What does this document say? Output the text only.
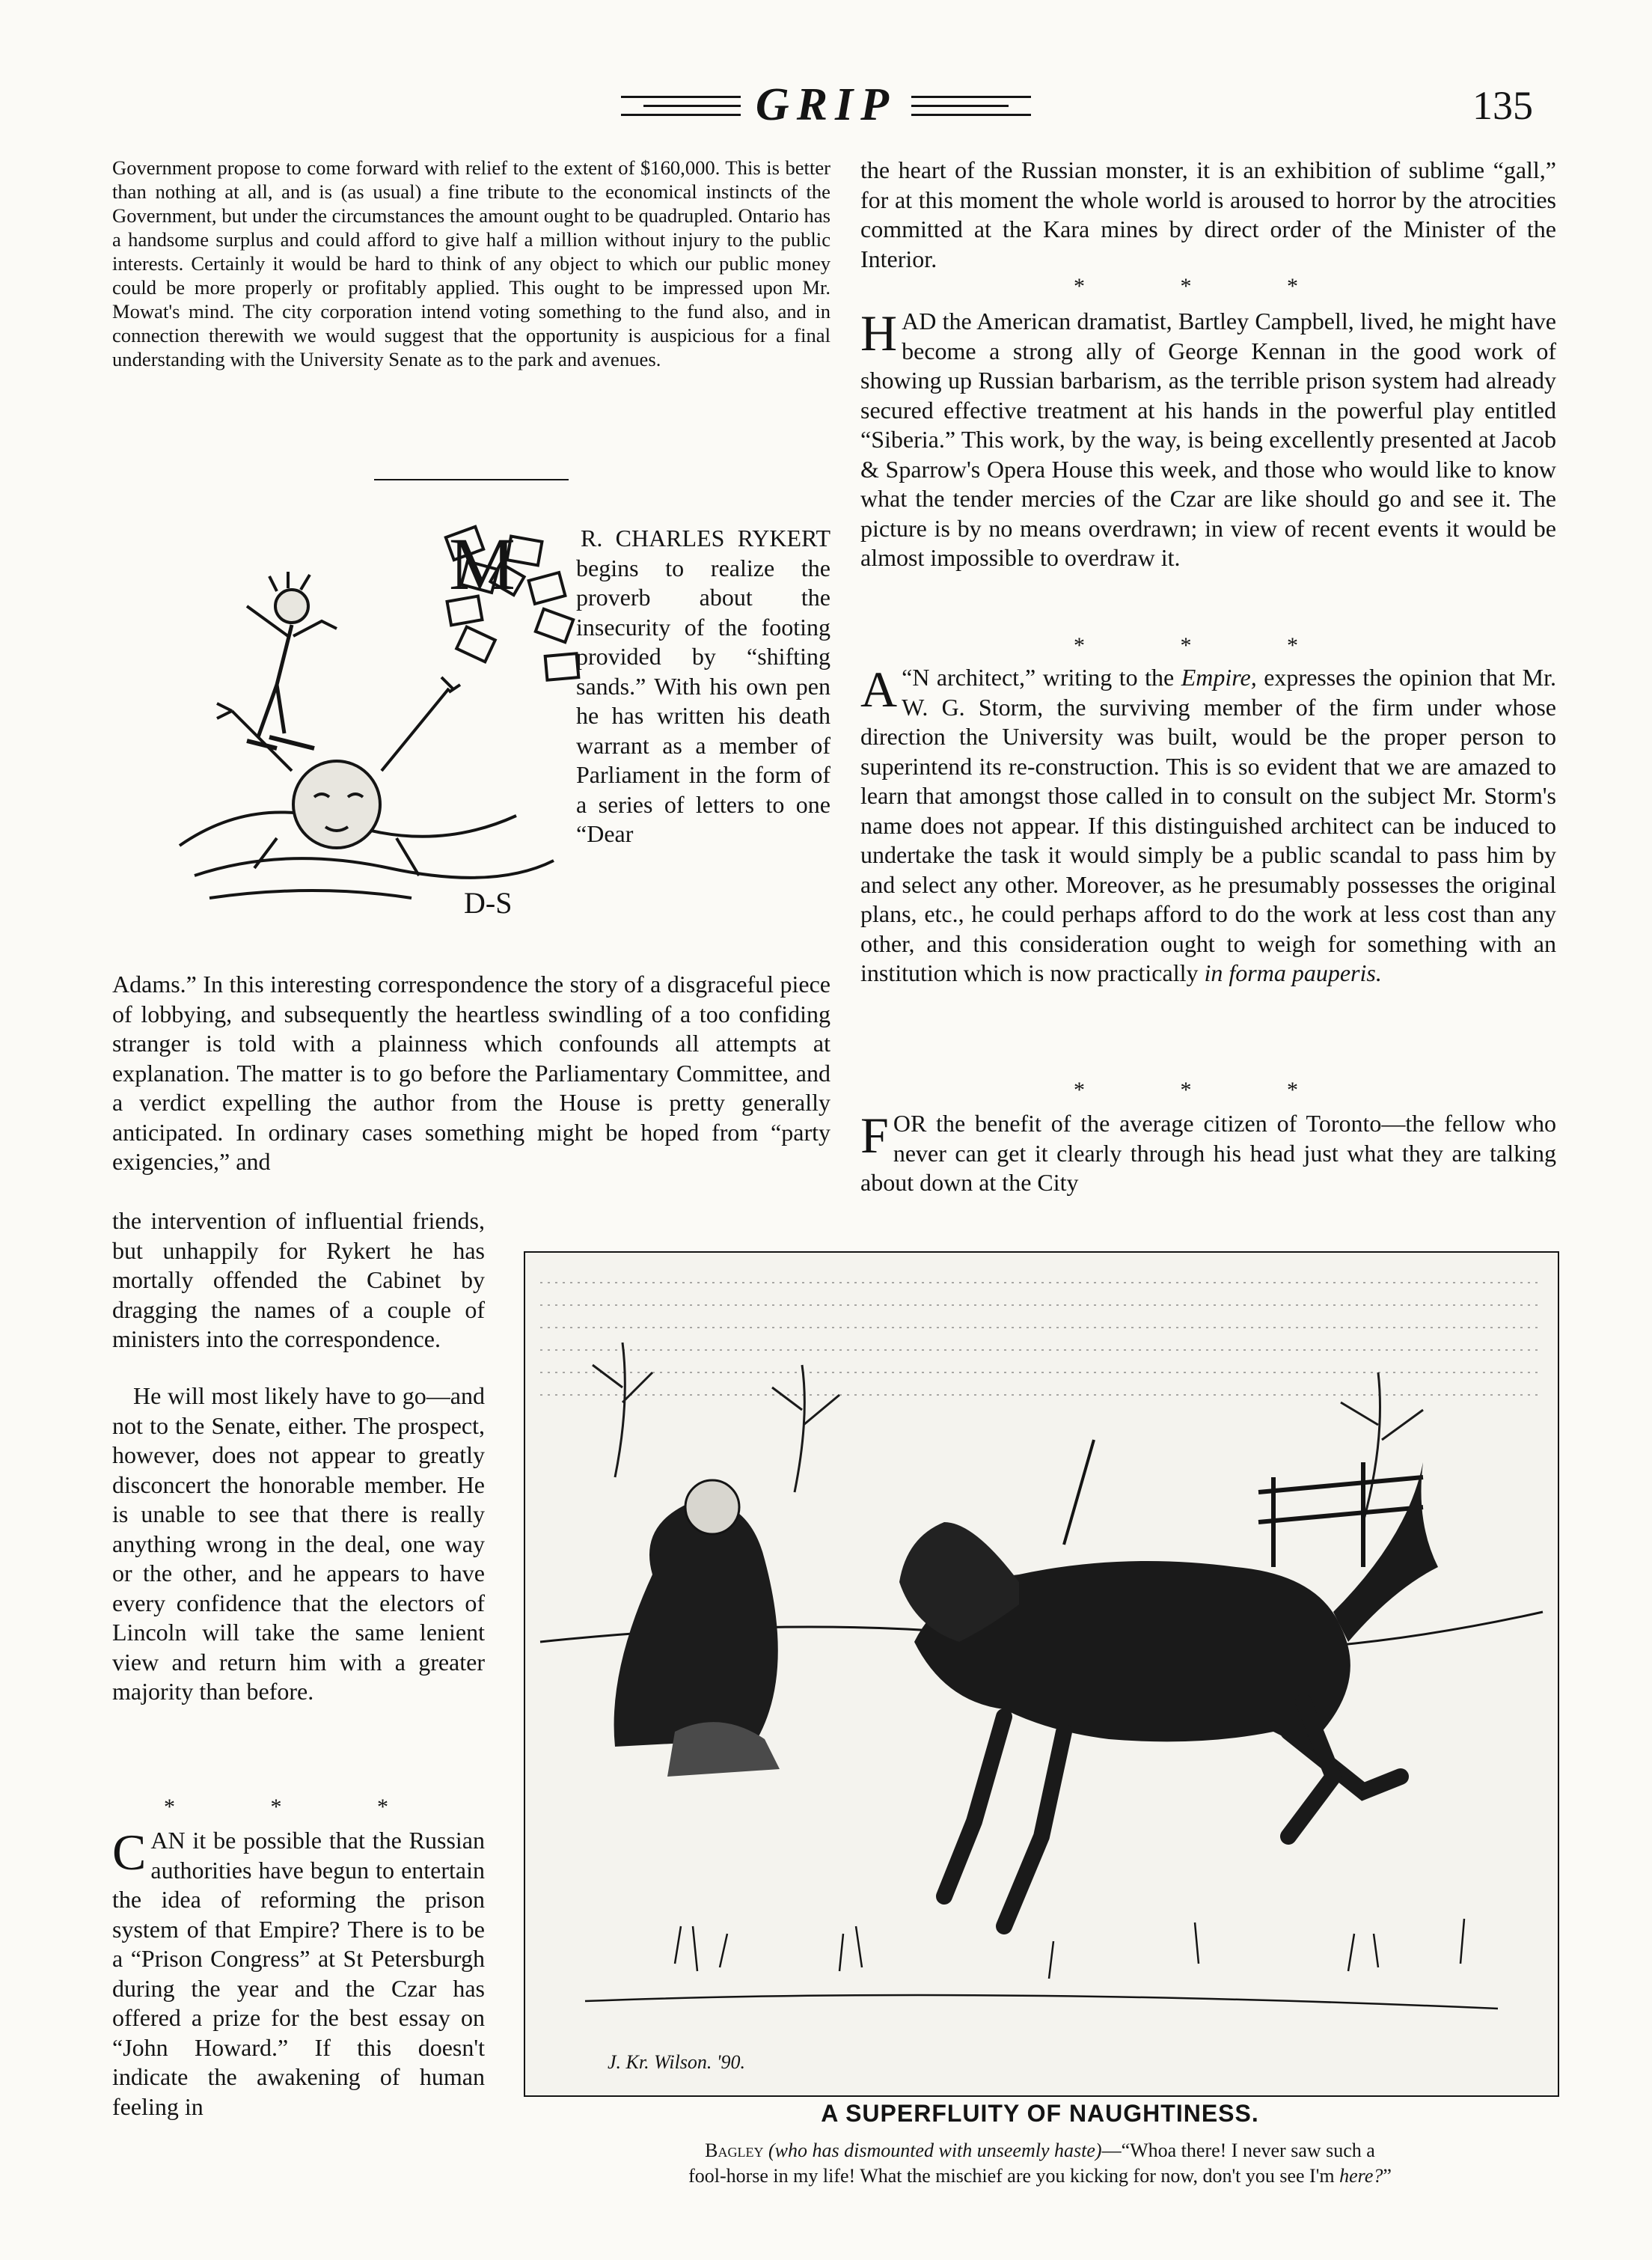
GRIP	135
Government propose to come forward with relief to the extent of $160,000. This is better than nothing at all, and is (as usual) a fine tribute to the economical instincts of the Government, but under the circumstances the amount ought to be quadrupled. Ontario has a handsome surplus and could afford to give half a million without injury to the public interests. Certainly it would be hard to think of any object to which our public money could be more properly or profitably applied. This ought to be impressed upon Mr. Mowat's mind. The city corporation intend voting something to the fund also, and in connection therewith we would suggest that the opportunity is auspicious for a final understanding with the University Senate as to the park and avenues.
D-S
R. CHARLES RYKERT begins to realize the proverb about the insecurity of the footing provided by “shifting sands.” With his own pen he has written his death warrant as a member of Parliament in the form of a series of letters to one “Dear
M
Adams.” In this interesting correspondence the story of a disgraceful piece of lobbying, and subsequently the heartless swindling of a too confiding stranger is told with a plainness which confounds all attempts at explanation. The matter is to go before the Parliamentary Committee, and a verdict expelling the author from the House is pretty generally anticipated. In ordinary cases something might be hoped from “party exigencies,” and
the intervention of influential friends, but unhappily for Rykert he has mortally offended the Cabinet by dragging the names of a couple of ministers into the correspondence.
He will most likely have to go—and not to the Senate, either. The prospect, however, does not appear to greatly disconcert the honorable member. He is unable to see that there is really anything wrong in the deal, one way or the other, and he appears to have every confidence that the electors of Lincoln will take the same lenient view and return him with a greater majority than before.
* * *
CAN it be possible that the Russian authorities have begun to entertain the idea of reforming the prison system of that Empire? There is to be a “Prison Congress” at St Petersburgh during the year and the Czar has offered a prize for the best essay on “John Howard.” If this doesn't indicate the awakening of human feeling in
the heart of the Russian monster, it is an exhibition of sublime “gall,” for at this moment the whole world is aroused to horror by the atrocities committed at the Kara mines by direct order of the Minister of the Interior.
* * *
HAD the American dramatist, Bartley Campbell, lived, he might have become a strong ally of George Kennan in the good work of showing up Russian barbarism, as the terrible prison system had already secured effective treatment at his hands in the powerful play entitled “Siberia.” This work, by the way, is being excellently presented at Jacob & Sparrow's Opera House this week, and those who would like to know what the tender mercies of the Czar are like should go and see it. The picture is by no means overdrawn; in view of recent events it would be almost impossible to overdraw it.
* * *
A “N architect,” writing to the Empire, expresses the opinion that Mr. W. G. Storm, the surviving member of the firm under whose direction the University was built, would be the proper person to superintend its re-construction. This is so evident that we are amazed to learn that amongst those called in to consult on the subject Mr. Storm's name does not appear. If this distinguished architect can be induced to undertake the task it would simply be a public scandal to pass him by and select any other. Moreover, as he presumably possesses the original plans, etc., he could perhaps afford to do the work at less cost than any other, and this consideration ought to weigh for something with an institution which is now practically in forma pauperis.
* * *
FOR the benefit of the average citizen of Toronto—the fellow who never can get it clearly through his head just what they are talking about down at the City
J. Kr. Wilson. '90.
A SUPERFLUITY OF NAUGHTINESS.
Bagley (who has dismounted with unseemly haste)—“Whoa there! I never saw such a
fool-horse in my life! What the mischief are you kicking for now, don't you see I'm here?”
